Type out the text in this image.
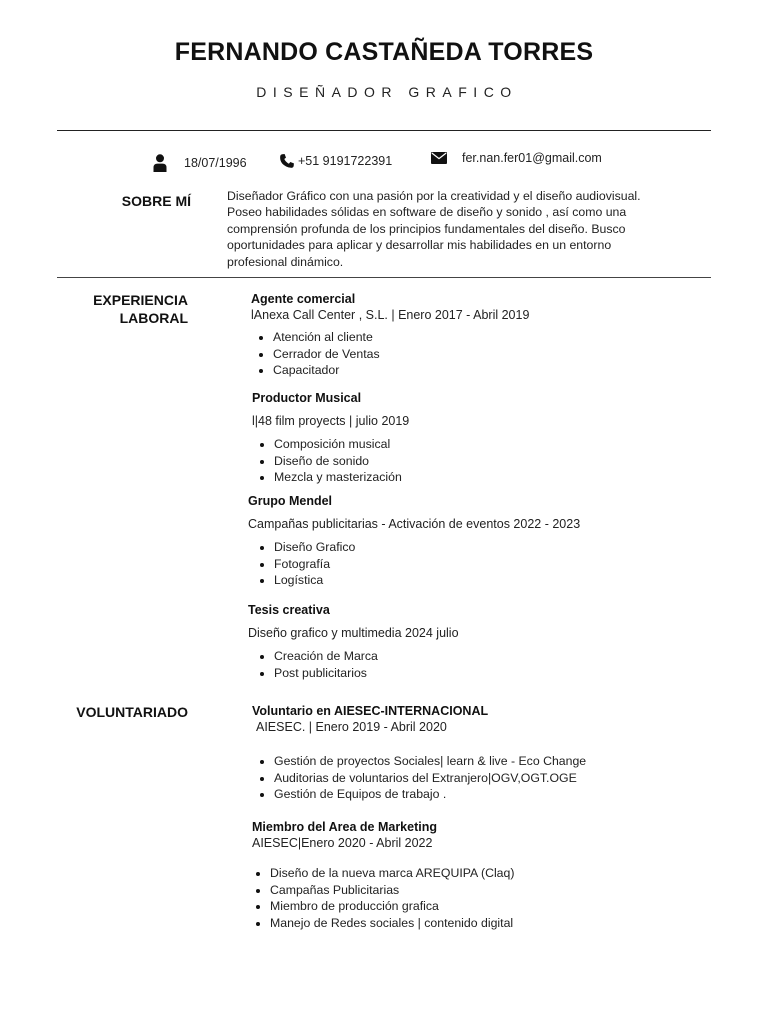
FERNANDO CASTAÑEDA TORRES
DISEÑADOR GRAFICO
18/07/1996	+51 9191722391	fer.nan.fer01@gmail.com
SOBRE MÍ	Diseñador Gráfico con una pasión por la creatividad y el diseño audiovisual. Poseo habilidades sólidas en software de diseño y sonido , así como una comprensión profunda de los principios fundamentales del diseño. Busco oportunidades para aplicar y desarrollar mis habilidades en un entorno profesional dinámico.

EXPERIENCIA
LABORAL
Agente comercial
lAnexa Call Center , S.L. | Enero 2017 - Abril 2019
Atención al cliente
Cerrador de Ventas
Capacitador
Productor Musical
l|48 film proyects | julio 2019
Composición musical
Diseño de sonido
Mezcla y masterización
Grupo Mendel
Campañas publicitarias - Activación de eventos 2022 - 2023
Diseño Grafico
Fotografía
Logística
Tesis creativa
Diseño grafico y multimedia 2024 julio
Creación de Marca
Post publicitarios
VOLUNTARIADO	Voluntario en AIESEC-INTERNACIONAL
AIESEC. | Enero 2019 - Abril 2020
Gestión de proyectos Sociales| learn & live - Eco Change
Auditorias de voluntarios del Extranjero|OGV,OGT.OGE
Gestión de Equipos de trabajo .
Miembro del Area de Marketing
AIESEC|Enero 2020 - Abril 2022
Diseño de la nueva marca AREQUIPA (Claq)
Campañas Publicitarias
Miembro de producción grafica
Manejo de Redes sociales | contenido digital
